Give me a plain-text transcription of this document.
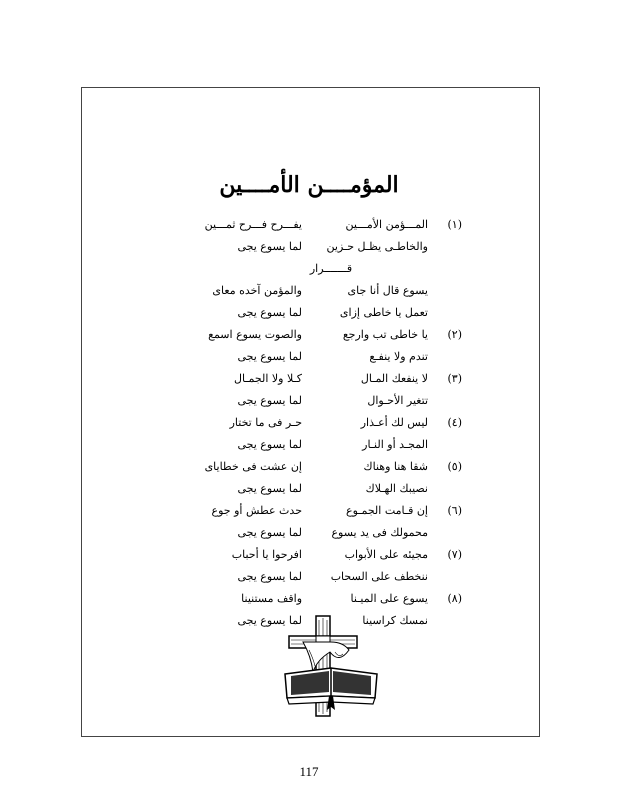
المؤمــــن الأمــــين
(١)
المـــؤمن الأمـــين
يفـــرح فـــرح ثمـــين
والخاطـى يظـل حـزين
لما يسوع يجى
قـــــــرار
يسوع قال أنا جاى
والمؤمن آخده معاى
تعمل يا خاطى إزاى
لما يسوع يجى
(٢)
يا خاطى تب وارجع
والصوت يسوع اسمع
تندم ولا ينفـع
لما يسوع يجى
(٣)
لا ينفعك المـال
كـلا ولا الجمـال
تتغير الأحـوال
لما يسوع يجى
(٤)
ليس لك أعـذار
حـر فى ما تختار
المجـد أو النـار
لما يسوع يجى
(٥)
شقا هنا وهناك
إن عشت فى خطاياى
نصيبك الهـلاك
لما يسوع يجى
(٦)
إن قـامت الجمـوع
حدث عطش أو جوع
محمولك فى يد يسوع
لما يسوع يجى
(٧)
مجيئه على الأبواب
افرحوا يا أحباب
ننخطف على السحاب
لما يسوع يجى
(٨)
يسوع على الميـنا
واقف مستنينا
نمسك كراسينا
لما يسوع يجى
117
